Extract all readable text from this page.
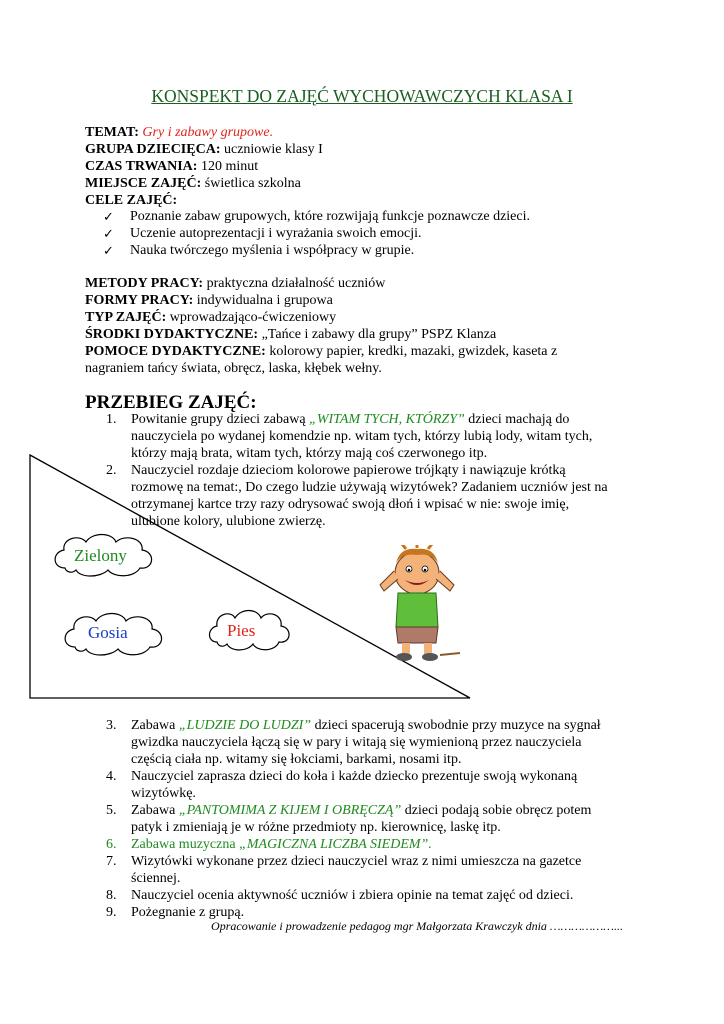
KONSPEKT DO ZAJĘĆ WYCHOWAWCZYCH KLASA I
TEMAT: Gry i zabawy grupowe.
GRUPA DZIECIĘCA: uczniowie klasy I
CZAS TRWANIA: 120 minut
MIEJSCE ZAJĘĆ: świetlica szkolna
CELE ZAJĘĆ:
✓ Poznanie zabaw grupowych, które rozwijają funkcje poznawcze dzieci.
✓ Uczenie autoprezentacji i wyrażania swoich emocji.
✓ Nauka twórczego myślenia i współpracy w grupie.
METODY PRACY: praktyczna działalność uczniów
FORMY PRACY: indywidualna i grupowa
TYP ZAJĘĆ: wprowadzająco-ćwiczeniowy
ŚRODKI DYDAKTYCZNE: „Tańce i zabawy dla grupy” PSPZ Klanza
POMOCE DYDAKTYCZNE: kolorowy papier, kredki, mazaki, gwizdek, kaseta z
nagraniem tańcy świata, obręcz, laska, kłębek wełny.
PRZEBIEG ZAJĘĆ:
1.	Powitanie grupy dzieci zabawą „WITAM TYCH, KTÓRZY” dzieci machają do
nauczyciela po wydanej komendzie np. witam tych, którzy lubią lody, witam tych,
którzy mają brata, witam tych, którzy mają coś czerwonego itp.
2.	Nauczyciel rozdaje dzieciom kolorowe papierowe trójkąty i nawiązuje krótką
rozmowę na temat:, Do czego ludzie używają wizytówek? Zadaniem uczniów jest na
otrzymanej kartce trzy razy odrysować swoją dłoń i wpisać w nie: swoje imię,
ulubione kolory, ulubione zwierzę.
Zielony
Gosia	Pies
3.	Zabawa „LUDZIE DO LUDZI” dzieci spacerują swobodnie przy muzyce na sygnał
gwizdka nauczyciela łączą się w pary i witają się wymienioną przez nauczyciela
częścią ciała np. witamy się łokciami, barkami, nosami itp.
4.	Nauczyciel zaprasza dzieci do koła i każde dziecko prezentuje swoją wykonaną
wizytówkę.
5.	Zabawa „PANTOMIMA Z KIJEM I OBRĘCZĄ” dzieci podają sobie obręcz potem
patyk i zmieniają je w różne przedmioty np. kierownicę, laskę itp.
6.	Zabawa muzyczna „MAGICZNA LICZBA SIEDEM”.
7.	Wizytówki wykonane przez dzieci nauczyciel wraz z nimi umieszcza na gazetce
ściennej.
8.	Nauczyciel ocenia aktywność uczniów i zbiera opinie na temat zajęć od dzieci.
9.	Pożegnanie z grupą.
Opracowanie i prowadzenie pedagog mgr Małgorzata Krawczyk dnia ………………...
